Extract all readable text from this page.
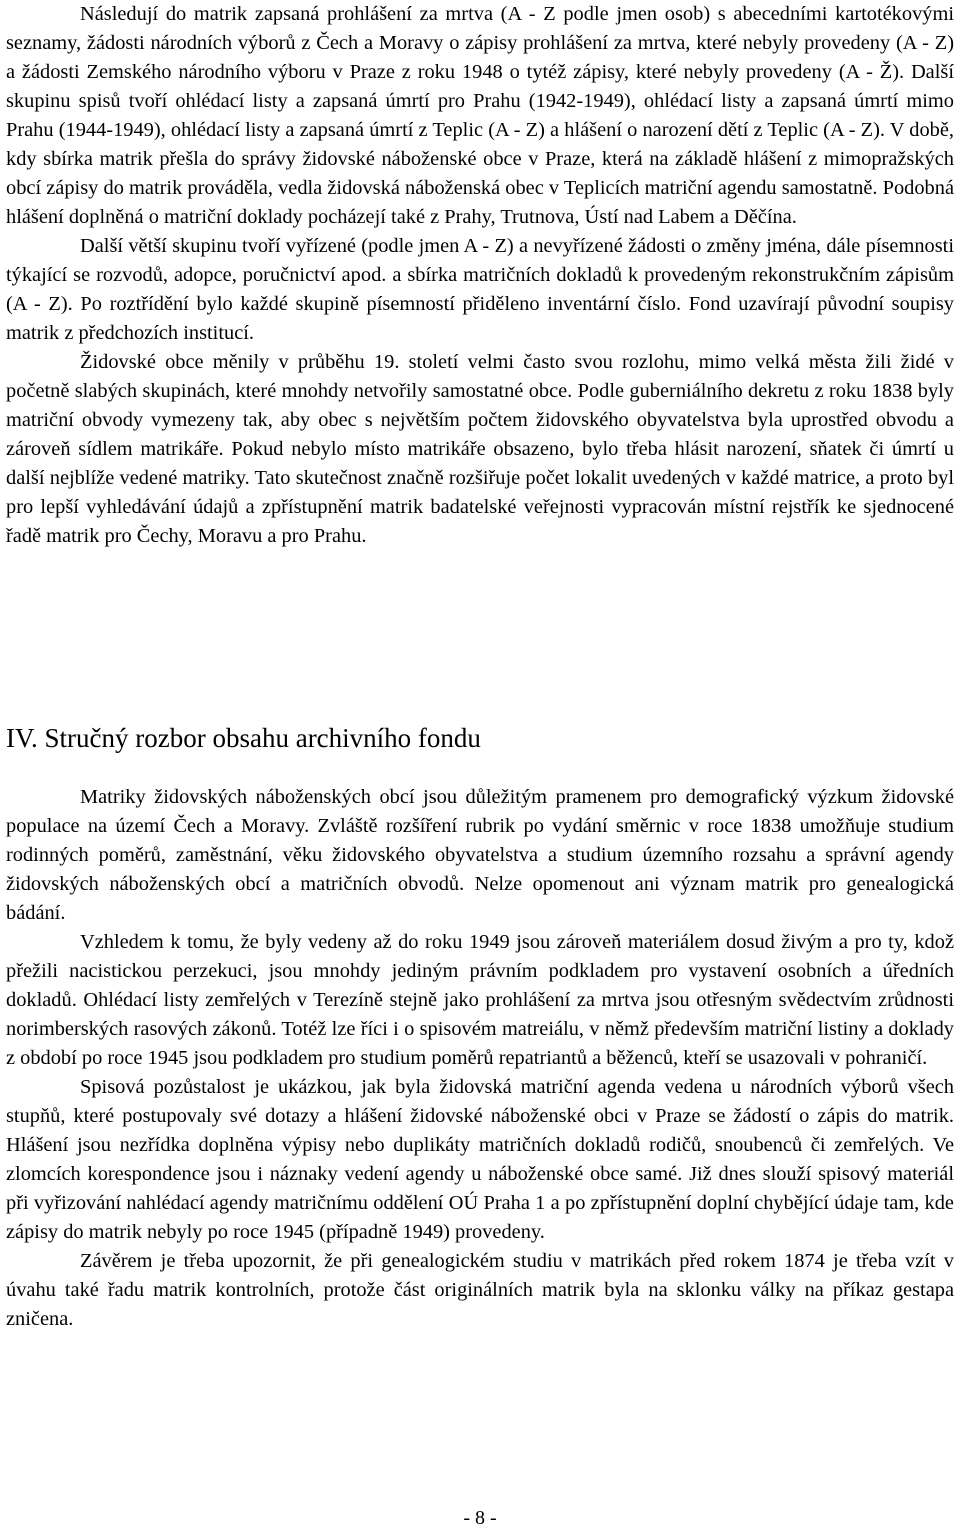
Následují do matrik zapsaná prohlášení za mrtva (A - Z podle jmen osob) s abecedními kartotékovými seznamy, žádosti národních výborů z Čech a Moravy o zápisy prohlášení za mrtva, které nebyly provedeny (A - Z) a žádosti Zemského národního výboru v Praze z roku 1948 o tytéž zápisy, které nebyly provedeny (A - Ž). Další skupinu spisů tvoří ohlédací listy a zapsaná úmrtí pro Prahu (1942-1949), ohlédací listy a zapsaná úmrtí mimo Prahu (1944-1949), ohlédací listy a zapsaná úmrtí z Teplic (A - Z) a hlášení o narození dětí z Teplic (A - Z). V době, kdy sbírka matrik přešla do správy židovské náboženské obce v Praze, která na základě hlášení z mimopražských obcí zápisy do matrik prováděla, vedla židovská náboženská obec v Teplicích matriční agendu samostatně. Podobná hlášení doplněná o matriční doklady pocházejí také z Prahy, Trutnova, Ústí nad Labem a Děčína.

Další větší skupinu tvoří vyřízené (podle jmen A - Z) a nevyřízené žádosti o změny jména, dále písemnosti týkající se rozvodů, adopce, poručnictví apod. a sbírka matričních dokladů k provedeným rekonstrukčním zápisům (A - Z). Po roztřídění bylo každé skupině písemností přiděleno inventární číslo. Fond uzavírají původní soupisy matrik z předchozích institucí.

Židovské obce měnily v průběhu 19. století velmi často svou rozlohu, mimo velká města žili židé v početně slabých skupinách, které mnohdy netvořily samostatné obce. Podle guberniálního dekretu z roku 1838 byly matriční obvody vymezeny tak, aby obec s největším počtem židovského obyvatelstva byla uprostřed obvodu a zároveň sídlem matrikáře. Pokud nebylo místo matrikáře obsazeno, bylo třeba hlásit narození, sňatek či úmrtí u další nejblíže vedené matriky. Tato skutečnost značně rozšiřuje počet lokalit uvedených v každé matrice, a proto byl pro lepší vyhledávání údajů a zpřístupnění matrik badatelské veřejnosti vypracován místní rejstřík ke sjednocené řadě matrik pro Čechy, Moravu a pro Prahu.

IV. Stručný rozbor obsahu archivního fondu

Matriky židovských náboženských obcí jsou důležitým pramenem pro demografický výzkum židovské populace na území Čech a Moravy. Zvláště rozšíření rubrik po vydání směrnic v roce 1838 umožňuje studium rodinných poměrů, zaměstnání, věku židovského obyvatelstva a studium územního rozsahu a správní agendy židovských náboženských obcí a matričních obvodů. Nelze opomenout ani význam matrik pro genealogická bádání.

Vzhledem k tomu, že byly vedeny až do roku 1949 jsou zároveň materiálem dosud živým a pro ty, kdož přežili nacistickou perzekuci, jsou mnohdy jediným právním podkladem pro vystavení osobních a úředních dokladů. Ohlédací listy zemřelých v Terezíně stejně jako prohlášení za mrtva jsou otřesným svědectvím zrůdnosti norimberských rasových zákonů. Totéž lze říci i o spisovém matreiálu, v němž především matriční listiny a doklady z období po roce 1945 jsou podkladem pro studium poměrů repatriantů a běženců, kteří se usazovali v pohraničí.

Spisová pozůstalost je ukázkou, jak byla židovská matriční agenda vedena u národních výborů všech stupňů, které postupovaly své dotazy a hlášení židovské náboženské obci v Praze se žádostí o zápis do matrik. Hlášení jsou nezřídka doplněna výpisy nebo duplikáty matričních dokladů rodičů, snoubenců či zemřelých. Ve zlomcích korespondence jsou i náznaky vedení agendy u náboženské obce samé. Již dnes slouží spisový materiál při vyřizování nahlédací agendy matričnímu oddělení OÚ Praha 1 a po zpřístupnění doplní chybějící údaje tam, kde zápisy do matrik nebyly po roce 1945 (případně 1949) provedeny.

Závěrem je třeba upozornit, že při genealogickém studiu v matrikách před rokem 1874 je třeba vzít v úvahu také řadu matrik kontrolních, protože část originálních matrik byla na sklonku války na příkaz gestapa zničena.

- 8 -
